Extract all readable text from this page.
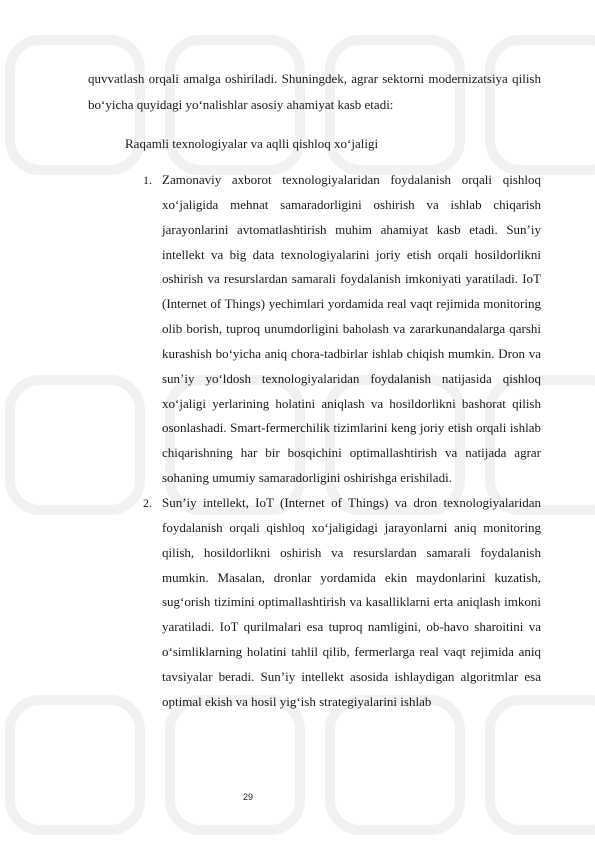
quvvatlash orqali amalga oshiriladi. Shuningdek, agrar sektorni modernizatsiya qilish bo‘yicha quyidagi yo‘nalishlar asosiy ahamiyat kasb etadi:

Raqamli texnologiyalar va aqlli qishloq xo‘jaligi

1. Zamonaviy axborot texnologiyalaridan foydalanish orqali qishloq xo‘jaligida mehnat samaradorligini oshirish va ishlab chiqarish jarayonlarini avtomatlashtirish muhim ahamiyat kasb etadi. Sun’iy intellekt va big data texnologiyalarini joriy etish orqali hosildorlikni oshirish va resurslardan samarali foydalanish imkoniyati yaratiladi. IoT (Internet of Things) yechimlari yordamida real vaqt rejimida monitoring olib borish, tuproq unumdorligini baholash va zararkunandalarga qarshi kurashish bo‘yicha aniq chora-tadbirlar ishlab chiqish mumkin. Dron va sun’iy yo‘ldosh texnologiyalaridan foydalanish natijasida qishloq xo‘jaligi yerlarining holatini aniqlash va hosildorlikni bashorat qilish osonlashadi. Smart-fermerchilik tizimlarini keng joriy etish orqali ishlab chiqarishning har bir bosqichini optimallashtirish va natijada agrar sohaning umumiy samaradorligini oshirishga erishiladi.

2. Sun’iy intellekt, IoT (Internet of Things) va dron texnologiyalaridan foydalanish orqali qishloq xo‘jaligidagi jarayonlarni aniq monitoring qilish, hosildorlikni oshirish va resurslardan samarali foydalanish mumkin. Masalan, dronlar yordamida ekin maydonlarini kuzatish, sug‘orish tizimini optimallashtirish va kasalliklarni erta aniqlash imkoni yaratiladi. IoT qurilmalari esa tuproq namligini, ob-havo sharoitini va o‘simliklarning holatini tahlil qilib, fermerlarga real vaqt rejimida aniq tavsiyalar beradi. Sun’iy intellekt asosida ishlaydigan algoritmlar esa optimal ekish va hosil yig‘ish strategiyalarini ishlab

29
